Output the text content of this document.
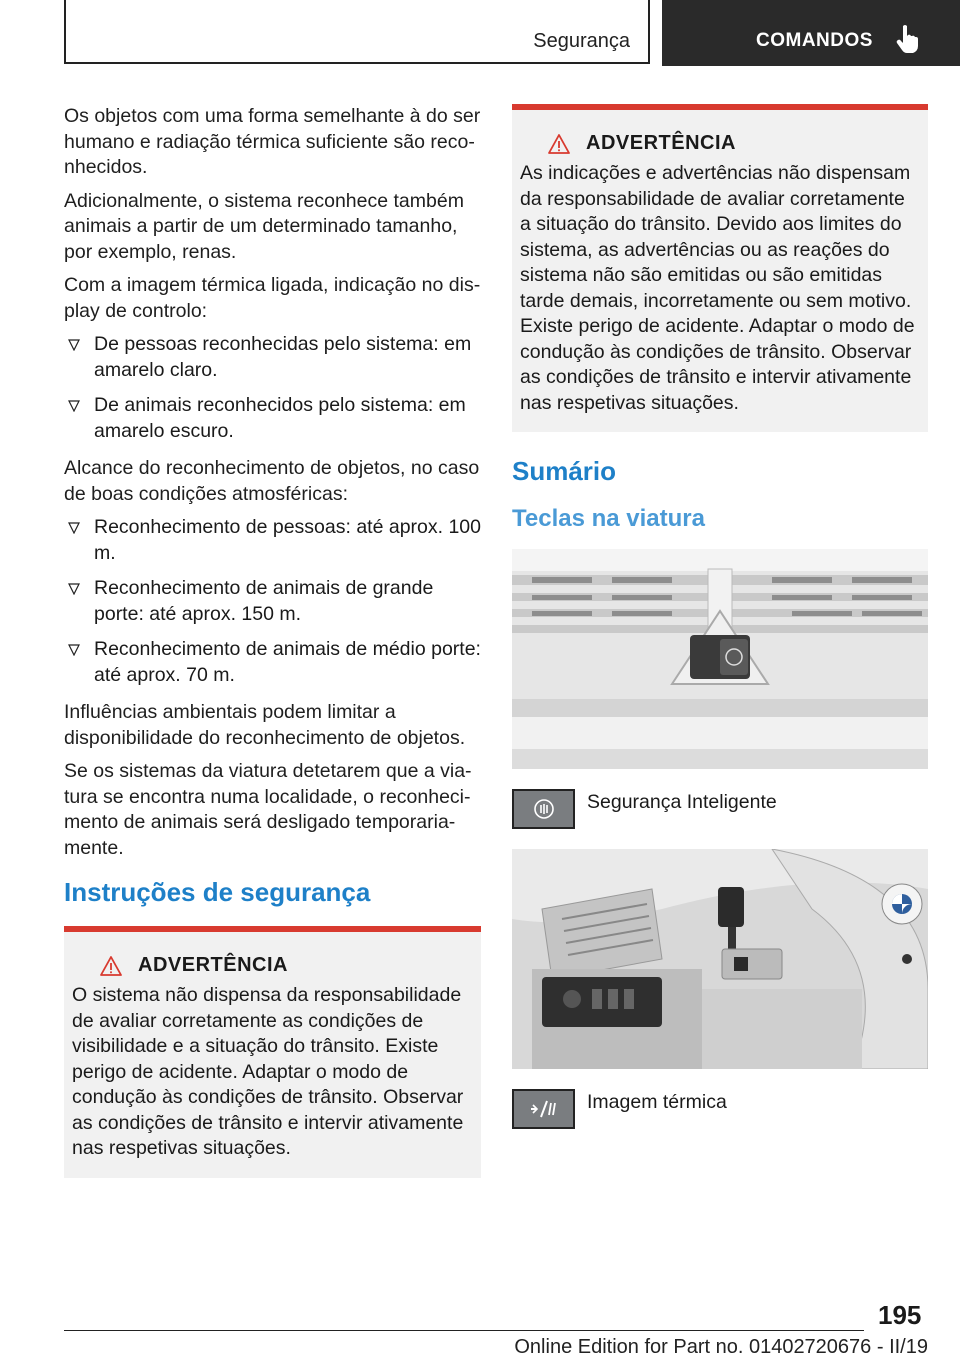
Segurança	COMANDOS

Os objetos com uma forma semelhante à do ser humano e radiação térmica suficiente são reconhecidos.

Adicionalmente, o sistema reconhece também animais a partir de um determinado tamanho, por exemplo, renas.

Com a imagem térmica ligada, indicação no display de controlo:

De pessoas reconhecidas pelo sistema: em amarelo claro.
De animais reconhecidos pelo sistema: em amarelo escuro.

Alcance do reconhecimento de objetos, no caso de boas condições atmosféricas:

Reconhecimento de pessoas: até aprox. 100 m.
Reconhecimento de animais de grande porte: até aprox. 150 m.
Reconhecimento de animais de médio porte: até aprox. 70 m.

Influências ambientais podem limitar a disponibilidade do reconhecimento de objetos.

Se os sistemas da viatura detetarem que a viatura se encontra numa localidade, o reconhecimento de animais será desligado temporariamente.

Instruções de segurança
ADVERTÊNCIA

O sistema não dispensa da responsabilidade de avaliar corretamente as condições de visibilidade e a situação do trânsito. Existe perigo de acidente. Adaptar o modo de condução às condições de trânsito. Observar as condições de trânsito e intervir ativamente nas respetivas situações.

ADVERTÊNCIA

As indicações e advertências não dispensam da responsabilidade de avaliar corretamente a situação do trânsito. Devido aos limites do sistema, as advertências ou as reações do sistema não são emitidas ou são emitidas tarde demais, incorretamente ou sem motivo. Existe perigo de acidente. Adaptar o modo de condução às condições de trânsito. Observar as condições de trânsito e intervir ativamente nas respetivas situações.

Sumário
Teclas na viatura
Segurança Inteligente
Imagem térmica
195
Online Edition for Part no. 01402720676 - II/19
